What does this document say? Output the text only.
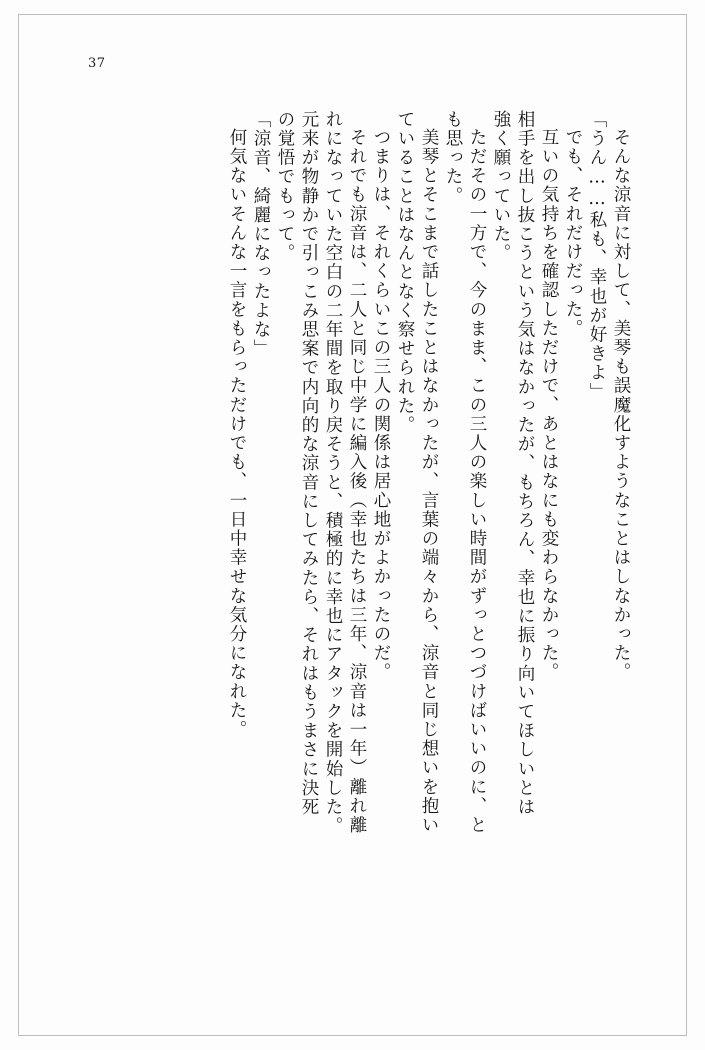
37
そんな涼音に対して、美琴も誤魔化すようなことはしなかった。
「うん……私も、幸也が好きよ」
でも、それだけだった。
互いの気持ちを確認しただけで、あとはなにも変わらなかった。
相手を出し抜こうという気はなかったが、もちろん、幸也に振り向いてほしいとは
強く願っていた。
ただその一方で、今のまま、この三人の楽しい時間がずっとつづけばいいのに、と
も思った。
美琴とそこまで話したことはなかったが、言葉の端々から、涼音と同じ想いを抱い
ていることはなんとなく察せられた。
つまりは、それくらいこの三人の関係は居心地がよかったのだ。
それでも涼音は、二人と同じ中学に編入後（幸也たちは三年、涼音は一年）離れ離
れになっていた空白の二年間を取り戻そうと、積極的に幸也にアタックを開始した。
元来が物静かで引っこみ思案で内向的な涼音にしてみたら、それはもうまさに決死
の覚悟でもって。
「涼音、綺麗になったよな」
何気ないそんな一言をもらっただけでも、一日中幸せな気分になれた。
